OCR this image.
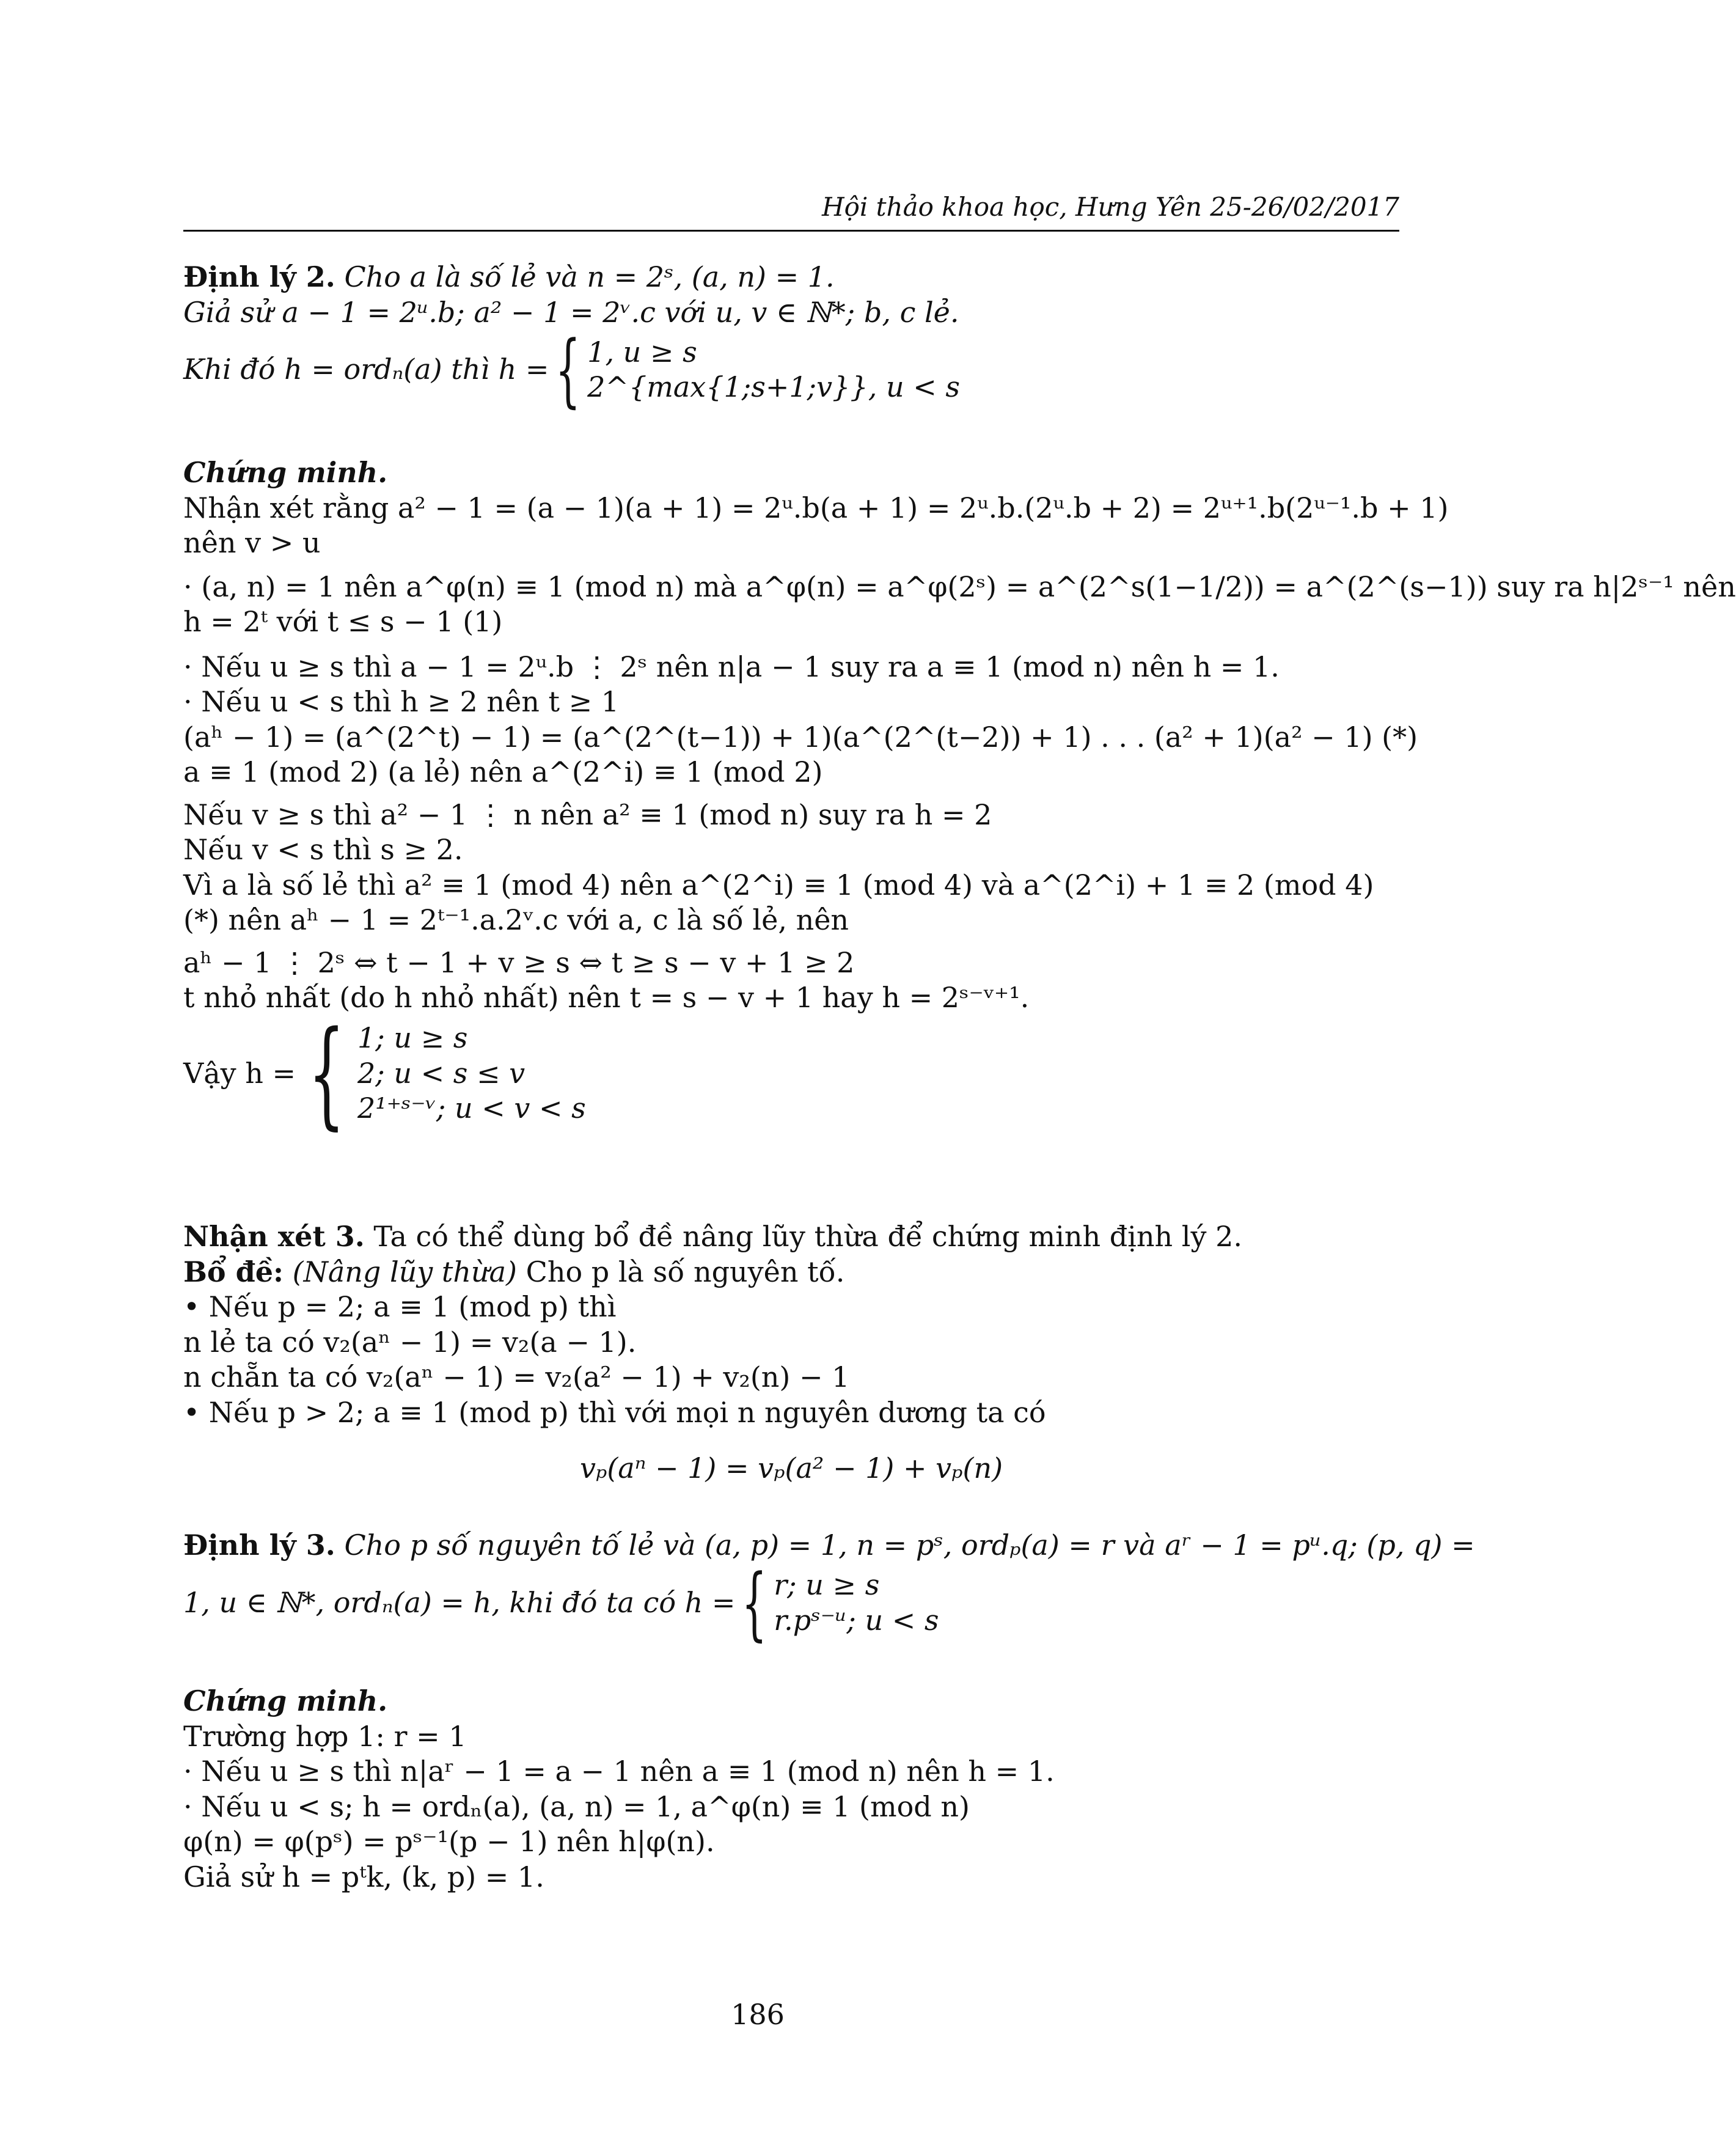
Hội thảo khoa học, Hưng Yên 25-26/02/2017
Định lý 2. Cho a là số lẻ và n = 2ˢ, (a, n) = 1.
Giả sử a − 1 = 2ᵘ.b; a² − 1 = 2ᵛ.c với u, v ∈ ℕ*; b, c lẻ.
Khi đó h = ordₙ(a) thì h = { 1, u ≥ s
2^{max{1;s+1;v}}, u < s
Chứng minh.
Nhận xét rằng a² − 1 = (a − 1)(a + 1) = 2ᵘ.b(a + 1) = 2ᵘ.b.(2ᵘ.b + 2) = 2ᵘ⁺¹.b(2ᵘ⁻¹.b + 1)
nên v > u
· (a, n) = 1 nên a^φ(n) ≡ 1 (mod n) mà a^φ(n) = a^φ(2ˢ) = a^(2^s(1−1/2)) = a^(2^(s−1)) suy ra h|2ˢ⁻¹ nên
h = 2ᵗ với t ≤ s − 1 (1)
· Nếu u ≥ s thì a − 1 = 2ᵘ.b ⋮ 2ˢ nên n|a − 1 suy ra a ≡ 1 (mod n) nên h = 1.
· Nếu u < s thì h ≥ 2 nên t ≥ 1
(aʰ − 1) = (a^(2^t) − 1) = (a^(2^(t−1)) + 1)(a^(2^(t−2)) + 1) . . . (a² + 1)(a² − 1) (*)
a ≡ 1 (mod 2) (a lẻ) nên a^(2^i) ≡ 1 (mod 2)
Nếu v ≥ s thì a² − 1 ⋮ n nên a² ≡ 1 (mod n) suy ra h = 2
Nếu v < s thì s ≥ 2.
Vì a là số lẻ thì a² ≡ 1 (mod 4) nên a^(2^i) ≡ 1 (mod 4) và a^(2^i) + 1 ≡ 2 (mod 4)
(*) nên aʰ − 1 = 2ᵗ⁻¹.a.2ᵛ.c với a, c là số lẻ, nên
aʰ − 1 ⋮ 2ˢ ⇔ t − 1 + v ≥ s ⇔ t ≥ s − v + 1 ≥ 2
t nhỏ nhất (do h nhỏ nhất) nên t = s − v + 1 hay h = 2ˢ⁻ᵛ⁺¹.
Vậy h = { 1; u ≥ s
2; u < s ≤ v
2¹⁺ˢ⁻ᵛ; u < v < s
Nhận xét 3. Ta có thể dùng bổ đề nâng lũy thừa để chứng minh định lý 2.
Bổ đề: (Nâng lũy thừa) Cho p là số nguyên tố.
• Nếu p = 2; a ≡ 1 (mod p) thì
n lẻ ta có v₂(aⁿ − 1) = v₂(a − 1).
n chẵn ta có v₂(aⁿ − 1) = v₂(a² − 1) + v₂(n) − 1
• Nếu p > 2; a ≡ 1 (mod p) thì với mọi n nguyên dương ta có
vₚ(aⁿ − 1) = vₚ(a² − 1) + vₚ(n)
Định lý 3. Cho p số nguyên tố lẻ và (a, p) = 1, n = pˢ, ordₚ(a) = r và aʳ − 1 = pᵘ.q; (p, q) =
1, u ∈ ℕ*, ordₙ(a) = h, khi đó ta có h = { r; u ≥ s
r.pˢ⁻ᵘ; u < s
Chứng minh.
Trường hợp 1: r = 1
· Nếu u ≥ s thì n|aʳ − 1 = a − 1 nên a ≡ 1 (mod n) nên h = 1.
· Nếu u < s; h = ordₙ(a), (a, n) = 1, a^φ(n) ≡ 1 (mod n)
φ(n) = φ(pˢ) = pˢ⁻¹(p − 1) nên h|φ(n).
Giả sử h = pᵗk, (k, p) = 1.
186
